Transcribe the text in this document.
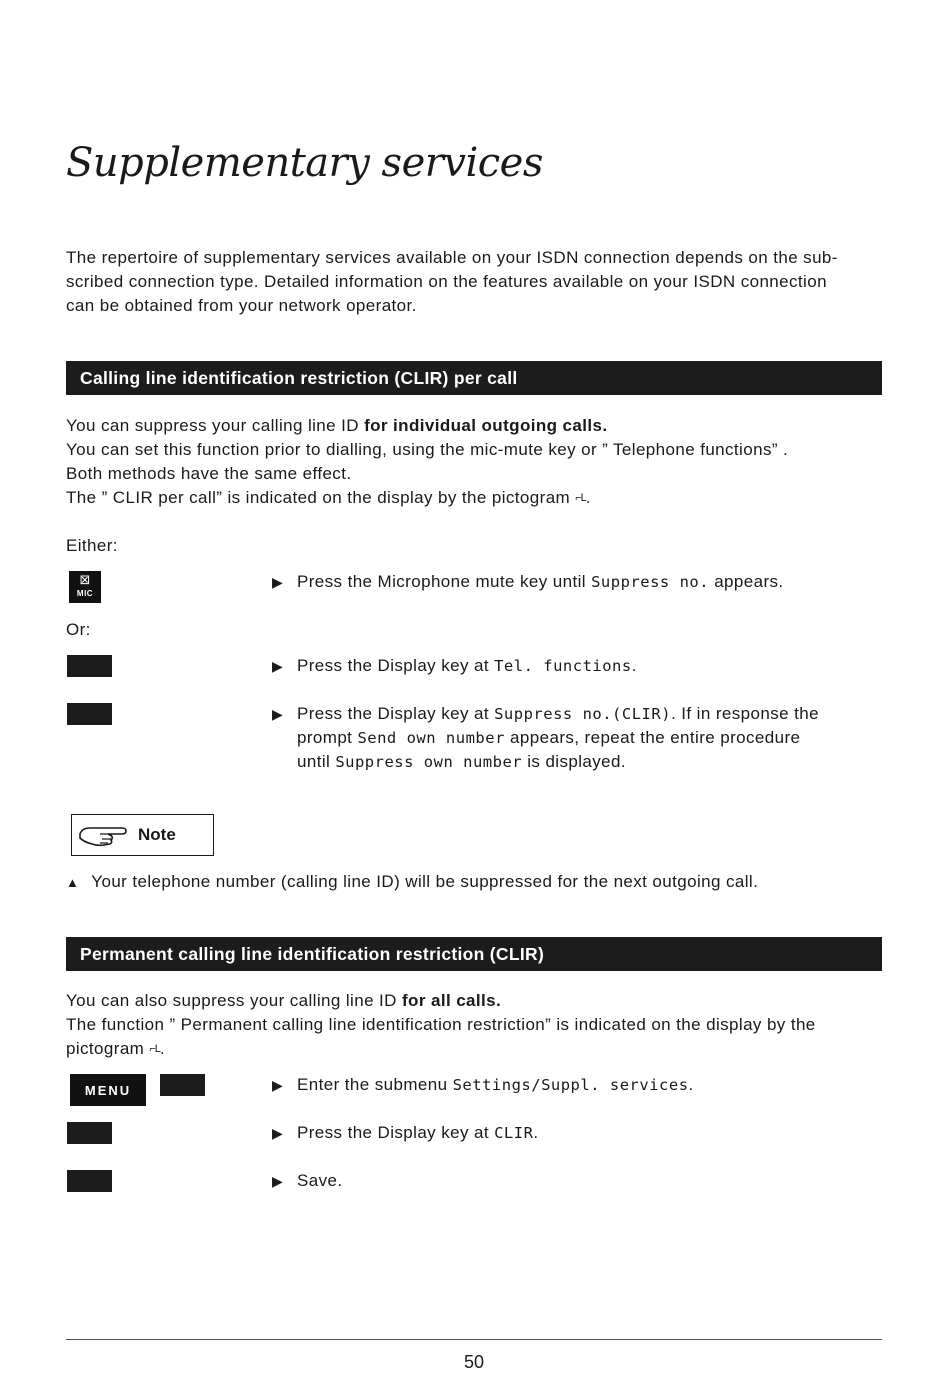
Supplementary services
The repertoire of supplementary services available on your ISDN connection depends on the sub-
scribed connection type. Detailed information on the features available on your ISDN connection
can be obtained from your network operator.
Calling line identification restriction (CLIR) per call
You can suppress your calling line ID for individual outgoing calls.
You can set this function prior to dialling, using the mic-mute key or ” Telephone functions” .
Both methods have the same effect.
The ” CLIR per call” is indicated on the display by the pictogram ⌐L.
Either:
⊠
MIC
▶ Press the Microphone mute key until Suppress no. appears.
Or:
▶ Press the Display key at Tel. functions.
▶ Press the Display key at Suppress no.(CLIR). If in response the
prompt Send own number appears, repeat the entire procedure
until Suppress own number is displayed.
Note
▲ Your telephone number (calling line ID) will be suppressed for the next outgoing call.
Permanent calling line identification restriction (CLIR)
You can also suppress your calling line ID for all calls.
The function ” Permanent calling line identification restriction” is indicated on the display by the
pictogram ⌐L.
MENU	▶ Enter the submenu Settings/Suppl. services.
▶ Press the Display key at CLIR.
▶ Save.
50
